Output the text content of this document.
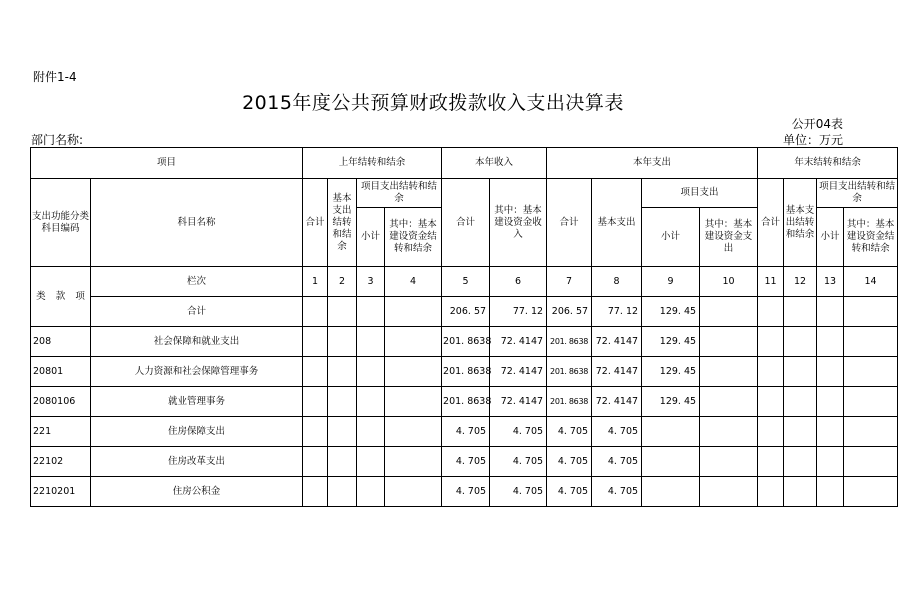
附件1-4
2015年度公共预算财政拨款收入支出决算表
公开04表
部门名称:	单位：万元
项目		上年结转和结余				本年收入		本年支出				年末结转和结余			
支出功能分类科目编码	科目名称	合计	基本支出结转和结余	项目支出结转和结余		合计	其中：基本建设资金收入	合计	基本支出	项目支出		合计	基本支出结转和结余	项目支出结转和结余	
				小计	其中：基本建设资金结转和结余					小计	其中：基本建设资金支出			小计	其中：基本建设资金结转和结余

类 款 项	栏次	1	2	3	4	5	6	7	8	9	10	11	12	13	14
	合计					206. 57	77. 12	206. 57	77. 12	129. 45					
208	社会保障和就业支出					201. 8638	72. 4147	201. 8638	72. 4147	129. 45					
20801	人力资源和社会保障管理事务					201. 8638	72. 4147	201. 8638	72. 4147	129. 45					
2080106	就业管理事务					201. 8638	72. 4147	201. 8638	72. 4147	129. 45					
221	住房保障支出					4. 705	4. 705	4. 705	4. 705						
22102	住房改革支出					4. 705	4. 705	4. 705	4. 705						
2210201	住房公积金					4. 705	4. 705	4. 705	4. 705						
